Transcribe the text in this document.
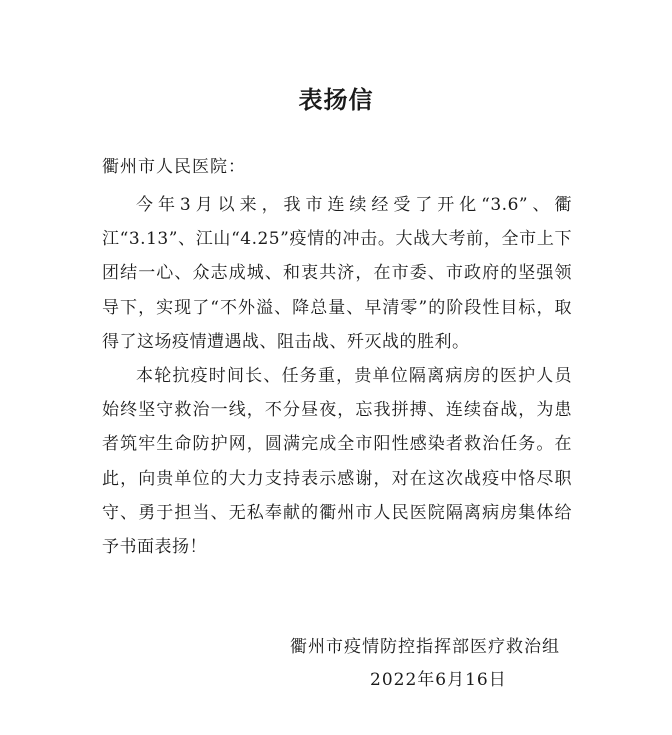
表扬信
衢州市人民医院：

今年3月以来，我市连续经受了开化“3.6”、衢江“3.13”、江山“4.25”疫情的冲击。大战大考前，全市上下团结一心、众志成城、和衷共济，在市委、市政府的坚强领导下，实现了“不外溢、降总量、早清零”的阶段性目标，取得了这场疫情遭遇战、阻击战、歼灭战的胜利。

本轮抗疫时间长、任务重，贵单位隔离病房的医护人员始终坚守救治一线，不分昼夜，忘我拼搏、连续奋战，为患者筑牢生命防护网，圆满完成全市阳性感染者救治任务。在此，向贵单位的大力支持表示感谢，对在这次战疫中恪尽职守、勇于担当、无私奉献的衢州市人民医院隔离病房集体给予书面表扬！

衢州市疫情防控指挥部医疗救治组
2022年6月16日
